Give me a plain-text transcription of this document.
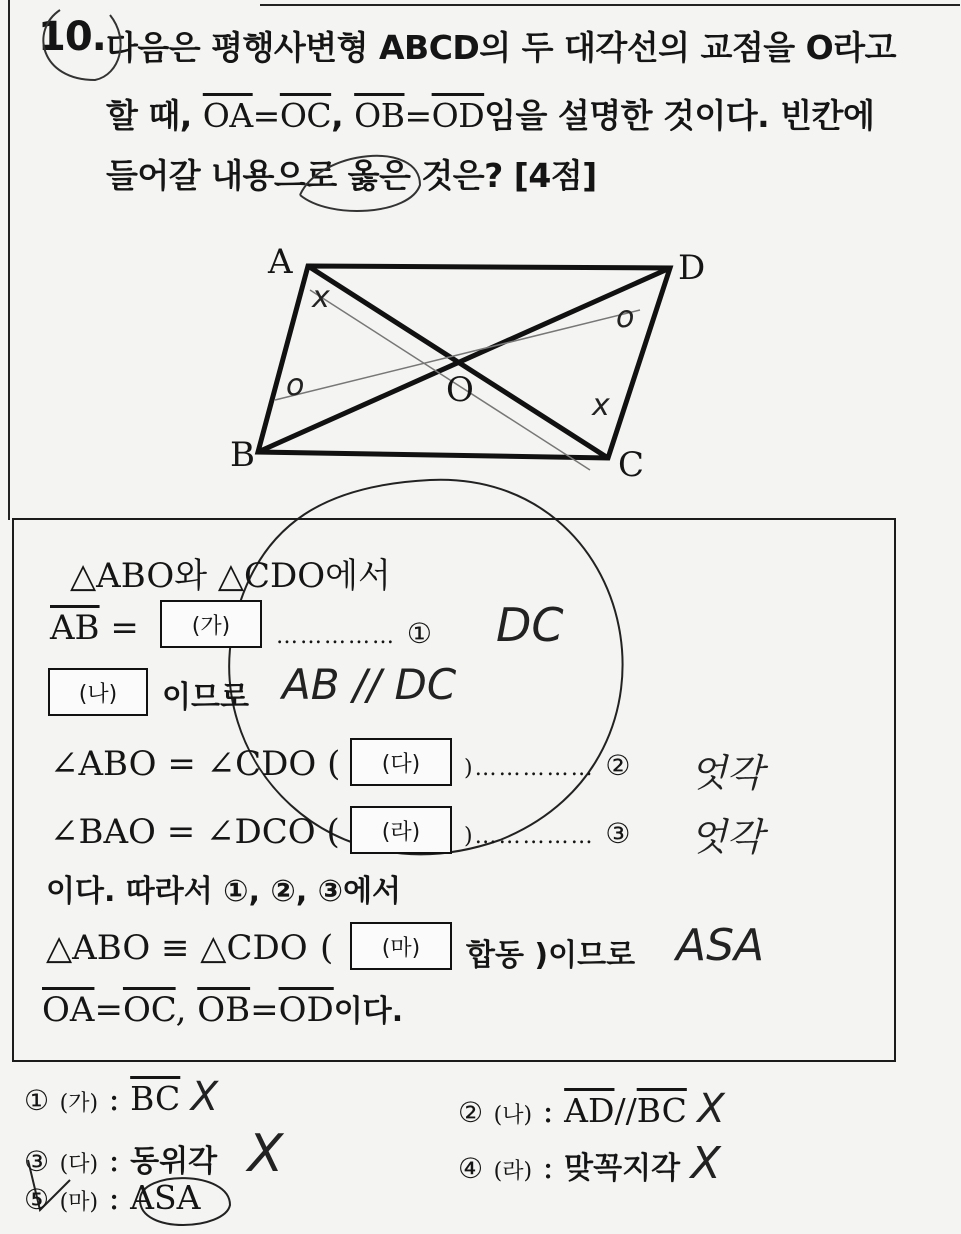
10. 다음은 평행사변형 ABCD의 두 대각선의 교점을 O라고
할 때, $\overline{OA}=\overline{OC}$, $\overline{OB}=\overline{OD}$임을 설명한 것이다. 빈칸에
들어갈 내용으로 옳은 것은? [4점]
A	D
B	C
O
x
o
x
o
△ABO와 △CDO에서
$\overline{AB}$ =	(가)	…………… ①
(나)	이므로
∠ABO = ∠CDO (	(다)	)…………… ②
∠BAO = ∠DCO (	(라)	)…………… ③
이다. 따라서 ①, ②, ③에서
△ABO ≡ △CDO (	(마)	합동 )이므로
$\overline{OA}=\overline{OC}$, $\overline{OB}=\overline{OD}$이다.
DC
AB // DC
엇각
엇각
ASA
① (가) : $\overline{BC}$ X	② (나) : $\overline{AD}//\overline{BC}$ X
③ (다) : 동위각 X	④ (라) : 맞꼭지각 X
⑤ (마) : ASA
